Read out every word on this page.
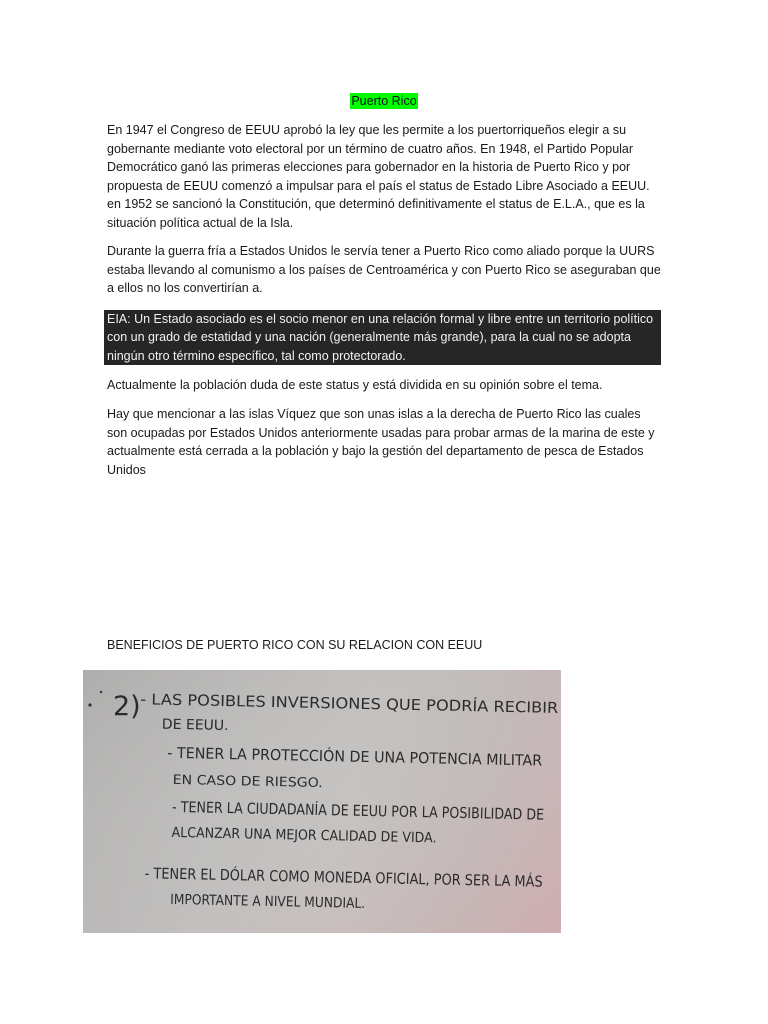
Puerto Rico

En 1947 el Congreso de EEUU aprobó la ley que les permite a los puertorriqueños elegir a su gobernante mediante voto electoral por un término de cuatro años. En 1948, el Partido Popular Democrático ganó las primeras elecciones para gobernador en la historia de Puerto Rico y por propuesta de EEUU comenzó a impulsar para el país el status de Estado Libre Asociado a EEUU. en 1952 se sancionó la Constitución, que determinó definitivamente el status de E.L.A., que es la situación política actual de la Isla.

Durante la guerra fría a Estados Unidos le servía tener a Puerto Rico como aliado porque la UURS estaba llevando al comunismo a los países de Centroamérica y con Puerto Rico se aseguraban que a ellos no los convertirían a.

EIA: Un Estado asociado es el socio menor en una relación formal y libre entre un territorio político con un grado de estatidad y una nación (generalmente más grande), para la cual no se adopta ningún otro término específico, tal como protectorado.

Actualmente la población duda de este status y está dividida en su opinión sobre el tema.

Hay que mencionar a las islas Víquez que son unas islas a la derecha de Puerto Rico las cuales son ocupadas por Estados Unidos anteriormente usadas para probar armas de la marina de este y actualmente está cerrada a la población y bajo la gestión del departamento de pesca de Estados Unidos

BENEFICIOS DE PUERTO RICO CON SU RELACION CON EEUU

2) - LAS POSIBLES INVERSIONES QUE PODRÍA RECIBIR
DE EEUU.
- TENER LA PROTECCIÓN DE UNA POTENCIA MILITAR
EN CASO DE RIESGO.
- TENER LA CIUDADANÍA DE EEUU POR LA POSIBILIDAD DE
ALCANZAR UNA MEJOR CALIDAD DE VIDA.
- TENER EL DÓLAR COMO MONEDA OFICIAL, POR SER LA MÁS
IMPORTANTE A NIVEL MUNDIAL.
